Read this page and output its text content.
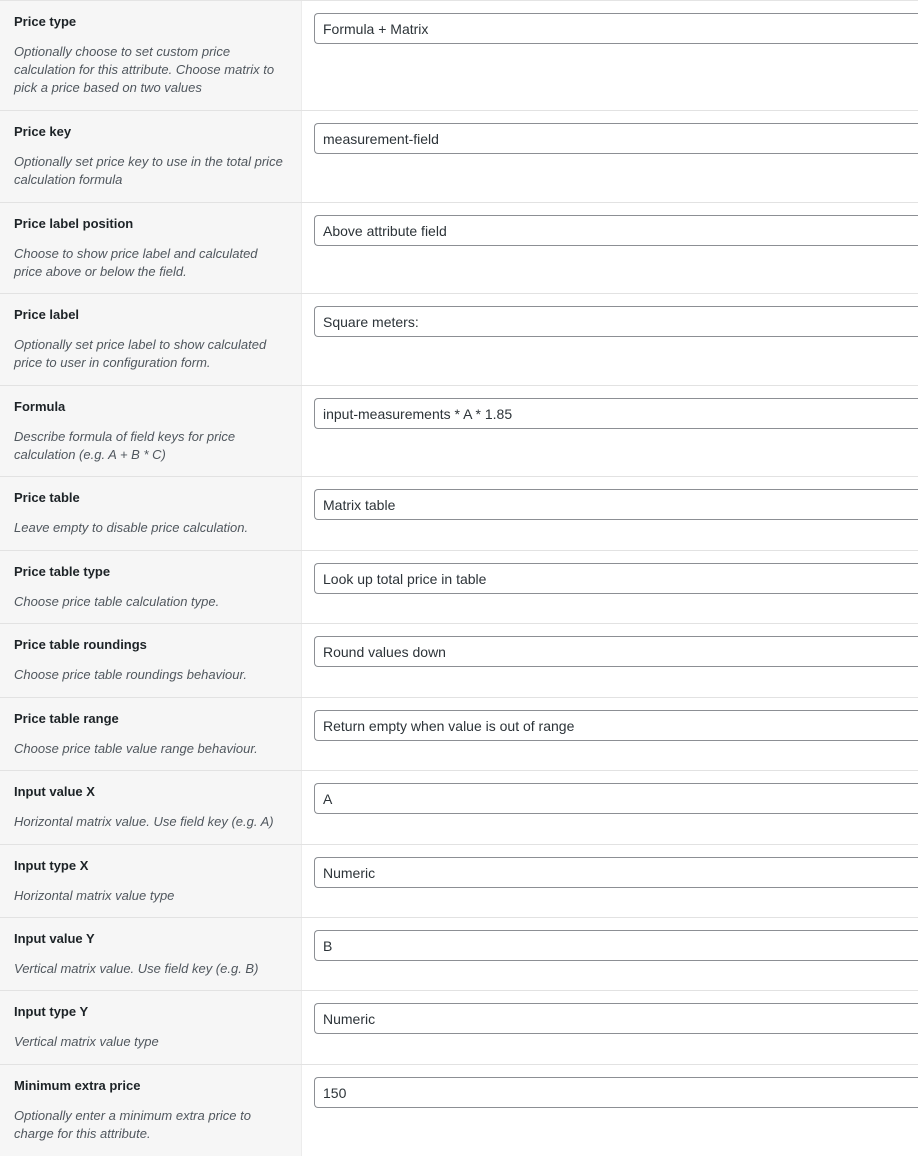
Price type
Optionally choose to set custom price calculation for this attribute. Choose matrix to pick a price based on two values
Formula + Matrix
Price key
Optionally set price key to use in the total price calculation formula
measurement-field
Price label position
Choose to show price label and calculated price above or below the field.
Above attribute field
Price label
Optionally set price label to show calculated price to user in configuration form.
Square meters:
Formula
Describe formula of field keys for price calculation (e.g. A + B * C)
input-measurements * A * 1.85
Price table
Leave empty to disable price calculation.
Matrix table
Price table type
Choose price table calculation type.
Look up total price in table
Price table roundings
Choose price table roundings behaviour.
Round values down
Price table range
Choose price table value range behaviour.
Return empty when value is out of range
Input value X
Horizontal matrix value. Use field key (e.g. A)
A
Input type X
Horizontal matrix value type
Numeric
Input value Y
Vertical matrix value. Use field key (e.g. B)
B
Input type Y
Vertical matrix value type
Numeric
Minimum extra price
Optionally enter a minimum extra price to charge for this attribute.
150
